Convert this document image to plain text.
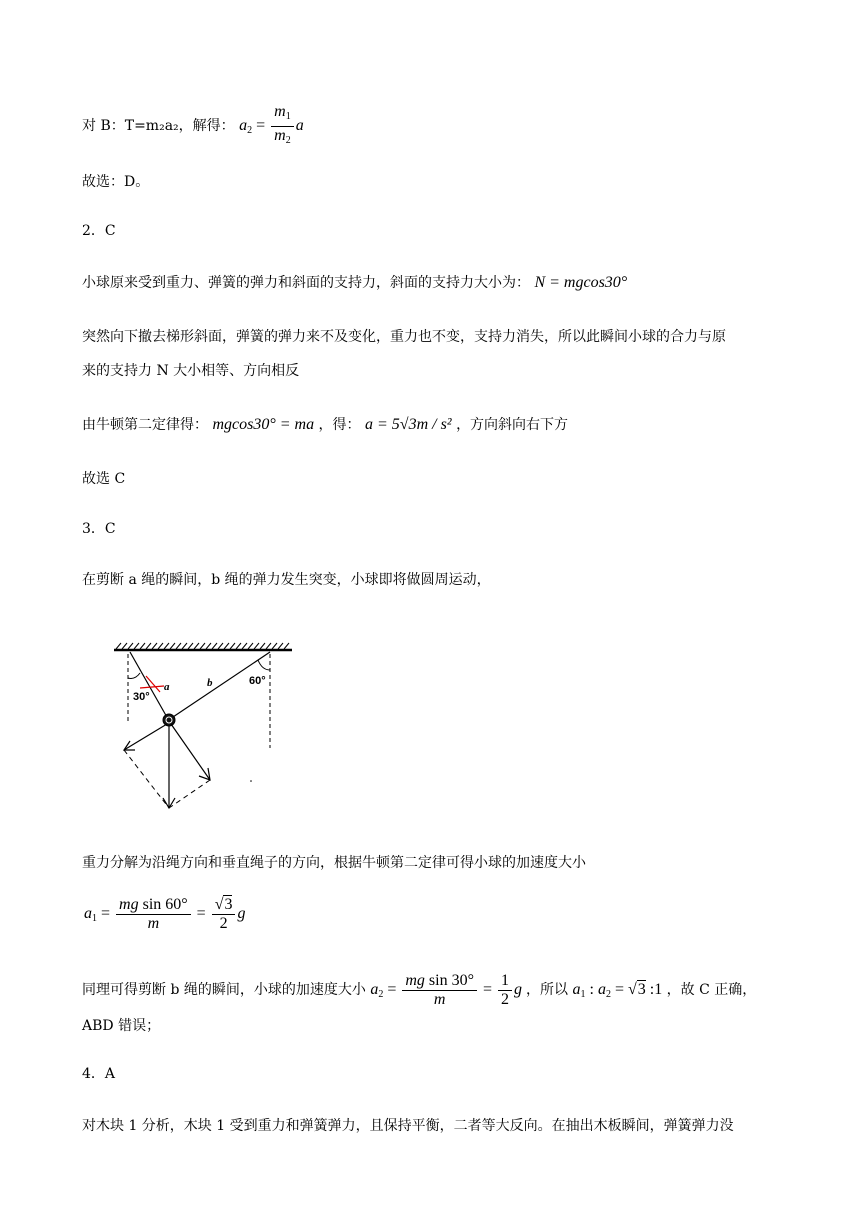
对 B：T=m₂a₂，解得： $a_2 = \frac{m_1}{m_2}$ a
故选：D。
2．C
小球原来受到重力、弹簧的弹力和斜面的支持力，斜面的支持力大小为： N = mgcos30°
突然向下撤去梯形斜面，弹簧的弹力来不及变化，重力也不变，支持力消失，所以此瞬间小球的合力与原
来的支持力 N 大小相等、方向相反
由牛顿第二定律得： mgcos30° = ma ，得： a = 5√3m / s² ，方向斜向右下方
故选 C
3．C
在剪断 a 绳的瞬间，b 绳的弹力发生突变，小球即将做圆周运动，
30°
a	b	60°
重力分解为沿绳方向和垂直绳子的方向，根据牛顿第二定律可得小球的加速度大小
$a_1 = \frac{\text{mg sin 60°}}{m} = \frac{√3}{2}$ g
同理可得剪断 b 绳的瞬间，小球的加速度大小 $a_2 = \frac{\text{mg sin 30°}}{m} = \frac{1}{2}$ g ，所以 $a_1$ : $a_2 = √3$ :1 ，故 C 正确，
ABD 错误；
4．A
对木块 1 分析，木块 1 受到重力和弹簧弹力，且保持平衡，二者等大反向。在抽出木板瞬间，弹簧弹力没
